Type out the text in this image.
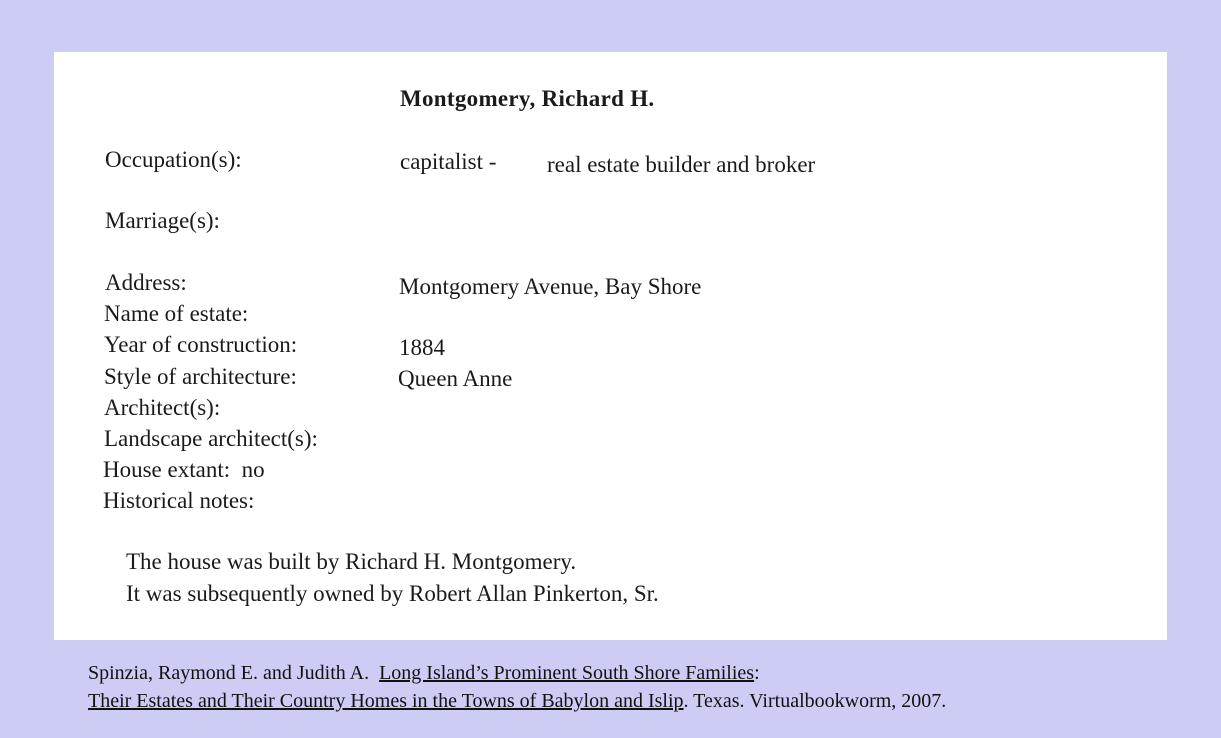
Montgomery, Richard H.
Occupation(s):	capitalist - real estate builder and broker
Marriage(s):
Address:	Montgomery Avenue, Bay Shore
Name of estate:
Year of construction:	1884
Style of architecture:	Queen Anne
Architect(s):
Landscape architect(s):
House extant: no
Historical notes:
The house was built by Richard H. Montgomery.
It was subsequently owned by Robert Allan Pinkerton, Sr.
Spinzia, Raymond E. and Judith A. Long Island’s Prominent South Shore Families:
Their Estates and Their Country Homes in the Towns of Babylon and Islip. Texas. Virtualbookworm, 2007.
